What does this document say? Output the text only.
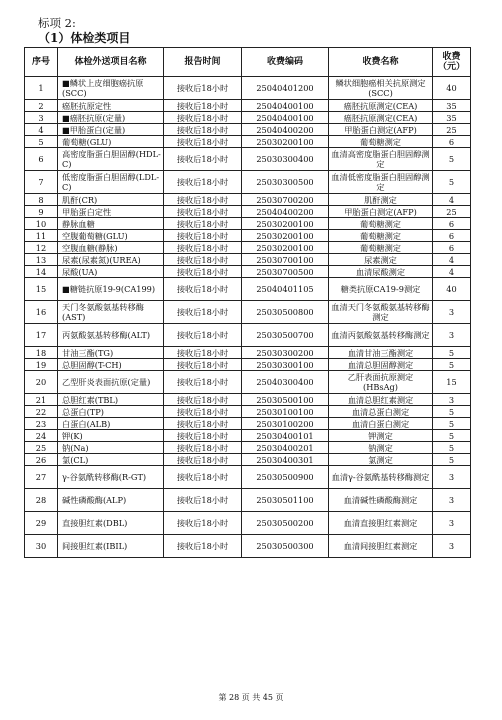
标项 2:
（1）体检类项目
序号	体检外送项目名称	报告时间	收费编码	收费名称	收费（元）
1	■鳞状上皮细胞癌抗原(SCC)	接收后18小时	25040401200	鳞状细胞癌相关抗原测定(SCC)	40
2	癌胚抗原定性	接收后18小时	25040400100	癌胚抗原测定(CEA)	35
3	■癌胚抗原(定量)	接收后18小时	25040400100	癌胚抗原测定(CEA)	35
4	■甲胎蛋白(定量)	接收后18小时	25040400200	甲胎蛋白测定(AFP)	25
5	葡萄糖(GLU)	接收后18小时	25030200100	葡萄糖测定	6
6	高密度脂蛋白胆固醇(HDL-C)	接收后18小时	25030300400	血清高密度脂蛋白胆固醇测定	5
7	低密度脂蛋白胆固醇(LDL-C)	接收后18小时	25030300500	血清低密度脂蛋白胆固醇测定	5
8	肌酐(CR)	接收后18小时	25030700200	肌酐测定	4
9	甲胎蛋白定性	接收后18小时	25040400200	甲胎蛋白测定(AFP)	25
10	静脉血糖	接收后18小时	25030200100	葡萄糖测定	6
11	空腹葡萄糖(GLU)	接收后18小时	25030200100	葡萄糖测定	6
12	空腹血糖(静脉)	接收后18小时	25030200100	葡萄糖测定	6
13	尿素(尿素氮)(UREA)	接收后18小时	25030700100	尿素测定	4
14	尿酸(UA)	接收后18小时	25030700500	血清尿酸测定	4
15	■糖链抗原19-9(CA199)	接收后18小时	25040401105	糖类抗原CA19-9测定	40
16	天门冬氨酸氨基转移酶(AST)	接收后18小时	25030500800	血清天门冬氨酸氨基转移酶测定	3
17	丙氨酸氨基转移酶(ALT)	接收后18小时	25030500700	血清丙氨酸氨基转移酶测定	3
18	甘油三酯(TG)	接收后18小时	25030300200	血清甘油三酯测定	5
19	总胆固醇(T-CH)	接收后18小时	25030300100	血清总胆固醇测定	5
20	乙型肝炎表面抗原(定量)	接收后18小时	25040300400	乙肝表面抗原测定(HBsAg)	15
21	总胆红素(TBL)	接收后18小时	25030500100	血清总胆红素测定	3
22	总蛋白(TP)	接收后18小时	25030100100	血清总蛋白测定	5
23	白蛋白(ALB)	接收后18小时	25030100200	血清白蛋白测定	5
24	钾(K)	接收后18小时	25030400101	钾测定	5
25	钠(Na)	接收后18小时	25030400201	钠测定	5
26	氯(CL)	接收后18小时	25030400301	氯测定	5
27	γ-谷氨酰转移酶(R-GT)	接收后18小时	25030500900	血清γ-谷氨酰基转移酶测定	3
28	碱性磷酸酶(ALP)	接收后18小时	25030501100	血清碱性磷酸酶测定	3
29	直接胆红素(DBL)	接收后18小时	25030500200	血清直接胆红素测定	3
30	间接胆红素(IBIL)	接收后18小时	25030500300	血清间接胆红素测定	3
第 28 页 共 45 页
